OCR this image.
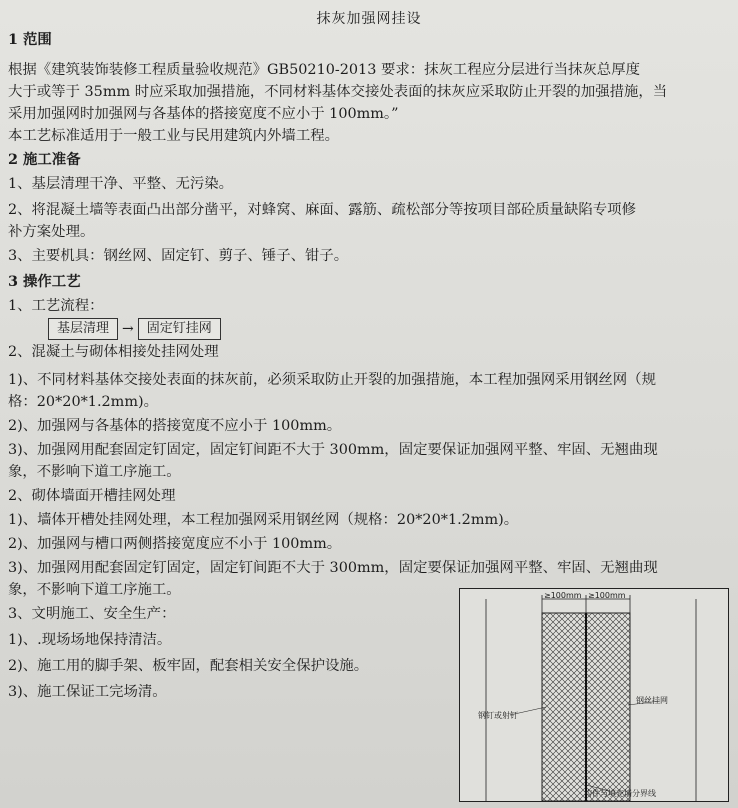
抹灰加强网挂设
1 范围
根据《建筑装饰装修工程质量验收规范》GB50210-2013 要求：抹灰工程应分层进行当抹灰总厚度
大于或等于 35mm 时应采取加强措施，不同材料基体交接处表面的抹灰应采取防止开裂的加强措施，当
采用加强网时加强网与各基体的搭接宽度不应小于 100mm。”
本工艺标准适用于一般工业与民用建筑内外墙工程。
2 施工准备
1、基层清理干净、平整、无污染。
2、将混凝土墙等表面凸出部分凿平，对蜂窝、麻面、露筋、疏松部分等按项目部砼质量缺陷专项修
补方案处理。
3、主要机具：钢丝网、固定钉、剪子、锤子、钳子。
3 操作工艺
1、工艺流程：
2、混凝土与砌体相接处挂网处理
1)、不同材料基体交接处表面的抹灰前，必须采取防止开裂的加强措施，本工程加强网采用钢丝网（规
格：20*20*1.2mm)。
2)、加强网与各基体的搭接宽度不应小于 100mm。
3)、加强网用配套固定钉固定，固定钉间距不大于 300mm，固定要保证加强网平整、牢固、无翘曲现
象，不影响下道工序施工。
2、砌体墙面开槽挂网处理
1)、墙体开槽处挂网处理，本工程加强网采用钢丝网（规格：20*20*1.2mm)。
2)、加强网与槽口两侧搭接宽度应不小于 100mm。
3)、加强网用配套固定钉固定，固定钉间距不大于 300mm，固定要保证加强网平整、牢固、无翘曲现
象，不影响下道工序施工。
3、文明施工、安全生产：
1)、.现场场地保持清洁。
2)、施工用的脚手架、板牢固，配套相关安全保护设施。
3)、施工保证工完场清。
基层清理 →	固定钉挂网
≥100mm ≥100mm
钢钉或射钉
钢丝挂网
构件与填充墙分界线
